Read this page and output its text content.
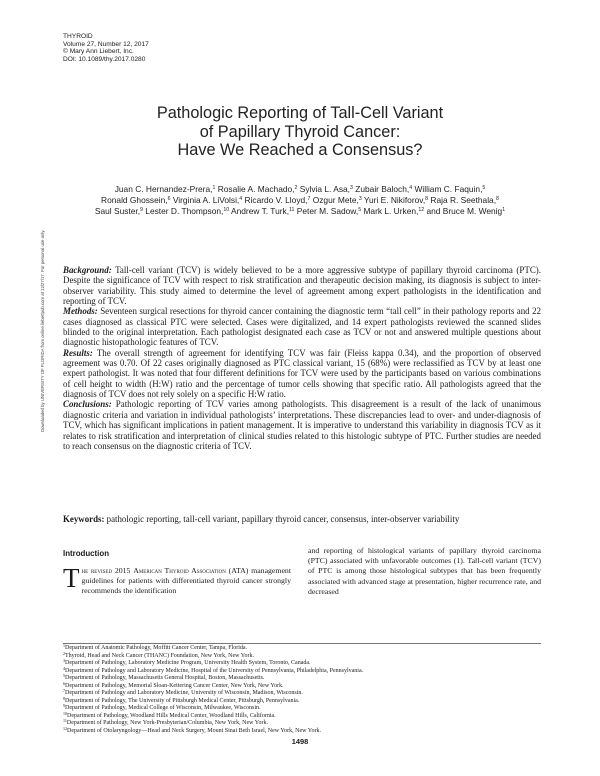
THYROID
Volume 27, Number 12, 2017
© Mary Ann Liebert, Inc.
DOI: 10.1089/thy.2017.0280
Pathologic Reporting of Tall-Cell Variant
of Papillary Thyroid Cancer:
Have We Reached a Consensus?
Juan C. Hernandez-Prera,$^1$ Rosalie A. Machado,$^2$ Sylvia L. Asa,$^3$ Zubair Baloch,$^4$ William C. Faquin,$^5$
Ronald Ghossein,$^6$ Virginia A. LiVolsi,$^4$ Ricardo V. Lloyd,$^7$ Ozgur Mete,$^3$ Yuri E. Nikiforov,$^8$ Raja R. Seethala,$^8$
Saul Suster,$^9$ Lester D. Thompson,$^{10}$ Andrew T. Turk,$^{11}$ Peter M. Sadow,$^5$ Mark L. Urken,$^{12}$ and Bruce M. Wenig$^1$
Downloaded by UNIVERSITY OF FLORIDA from online.liebertpub.com at 12/27/17. For personal use only.	Background: Tall-cell variant (TCV) is widely believed to be a more aggressive subtype of papillary thyroid carcinoma (PTC). Despite the significance of TCV with respect to risk stratification and therapeutic decision making, its diagnosis is subject to inter-observer variability. This study aimed to determine the level of agreement among expert pathologists in the identification and reporting of TCV.

Methods: Seventeen surgical resections for thyroid cancer containing the diagnostic term “tall cell” in their pathology reports and 22 cases diagnosed as classical PTC were selected. Cases were digitalized, and 14 expert pathologists reviewed the scanned slides blinded to the original interpretation. Each pathologist designated each case as TCV or not and answered multiple questions about diagnostic histopathologic features of TCV.

Results: The overall strength of agreement for identifying TCV was fair (Fleiss kappa 0.34), and the proportion of observed agreement was 0.70. Of 22 cases originally diagnosed as PTC classical variant, 15 (68%) were reclassified as TCV by at least one expert pathologist. It was noted that four different definitions for TCV were used by the participants based on various combinations of cell height to width (H:W) ratio and the percentage of tumor cells showing that specific ratio. All pathologists agreed that the diagnosis of TCV does not rely solely on a specific H:W ratio.

Conclusions: Pathologic reporting of TCV varies among pathologists. This disagreement is a result of the lack of unanimous diagnostic criteria and variation in individual pathologists’ interpretations. These discrepancies lead to over- and under-diagnosis of TCV, which has significant implications in patient management. It is imperative to understand this variability in diagnosis TCV as it relates to risk stratification and interpretation of clinical studies related to this histologic subtype of PTC. Further studies are needed to reach consensus on the diagnostic criteria of TCV.

Keywords: pathologic reporting, tall-cell variant, papillary thyroid cancer, consensus, inter-observer variability
Introduction
The revised 2015 American Thyroid Association (ATA) management guidelines for patients with differentiated thyroid cancer strongly recommends the identification
and reporting of histological variants of papillary thyroid carcinoma (PTC) associated with unfavorable outcomes (1). Tall-cell variant (TCV) of PTC is among those histological subtypes that has been frequently associated with advanced stage at presentation, higher recurrence rate, and decreased
$^1$Department of Anatomic Pathology, Moffitt Cancer Center, Tampa, Florida.
$^2$Thyroid, Head and Neck Cancer (THANC) Foundation, New York, New York.
$^3$Department of Pathology, Laboratory Medicine Program, University Health System, Toronto, Canada.
$^4$Department of Pathology and Laboratory Medicine, Hospital of the University of Pennsylvania, Philadelphia, Pennsylvania.
$^5$Department of Pathology, Massachusetts General Hospital, Boston, Massachusetts.
$^6$Department of Pathology, Memorial Sloan-Kettering Cancer Center, New York, New York.
$^7$Department of Pathology and Laboratory Medicine, University of Wisconsin, Madison, Wisconsin.
$^8$Department of Pathology, The University of Pittsburgh Medical Center, Pittsburgh, Pennsylvania.
$^9$Department of Pathology, Medical College of Wisconsin, Milwaukee, Wisconsin.
$^{10}$Department of Pathology, Woodland Hills Medical Center, Woodland Hills, California.
$^{11}$Department of Pathology, New York-Presbyterian/Columbia, New York, New York.
$^{12}$Department of Otolaryngology—Head and Neck Surgery, Mount Sinai Beth Israel, New York, New York.
1498
